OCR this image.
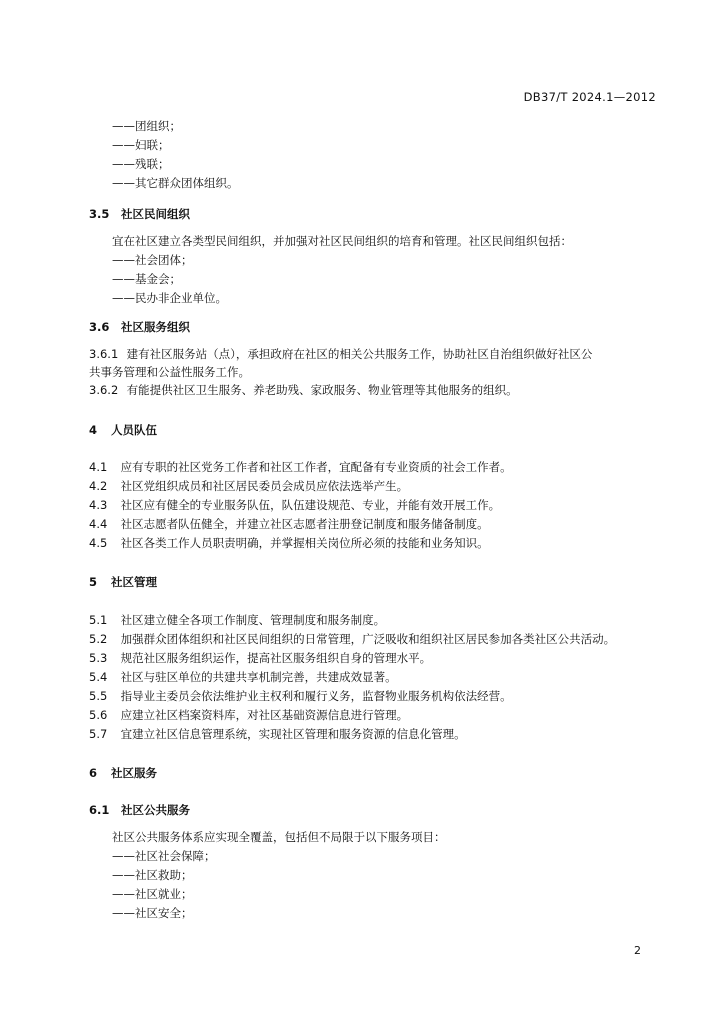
DB37/T 2024.1—2012
——团组织；
——妇联；
——残联；
——其它群众团体组织。
3.5 社区民间组织
宜在社区建立各类型民间组织，并加强对社区民间组织的培育和管理。社区民间组织包括：
——社会团体；
——基金会；
——民办非企业单位。
3.6 社区服务组织
3.6.1 建有社区服务站（点），承担政府在社区的相关公共服务工作，协助社区自治组织做好社区公
共事务管理和公益性服务工作。
3.6.2 有能提供社区卫生服务、养老助残、家政服务、物业管理等其他服务的组织。
4 人员队伍
4.1 应有专职的社区党务工作者和社区工作者，宜配备有专业资质的社会工作者。
4.2 社区党组织成员和社区居民委员会成员应依法选举产生。
4.3 社区应有健全的专业服务队伍，队伍建设规范、专业，并能有效开展工作。
4.4 社区志愿者队伍健全，并建立社区志愿者注册登记制度和服务储备制度。
4.5 社区各类工作人员职责明确，并掌握相关岗位所必须的技能和业务知识。
5 社区管理
5.1 社区建立健全各项工作制度、管理制度和服务制度。
5.2 加强群众团体组织和社区民间组织的日常管理，广泛吸收和组织社区居民参加各类社区公共活动。
5.3 规范社区服务组织运作，提高社区服务组织自身的管理水平。
5.4 社区与驻区单位的共建共享机制完善，共建成效显著。
5.5 指导业主委员会依法维护业主权利和履行义务，监督物业服务机构依法经营。
5.6 应建立社区档案资料库，对社区基础资源信息进行管理。
5.7 宜建立社区信息管理系统，实现社区管理和服务资源的信息化管理。
6 社区服务
6.1 社区公共服务
社区公共服务体系应实现全覆盖，包括但不局限于以下服务项目：
——社区社会保障；
——社区救助；
——社区就业；
——社区安全；
2
